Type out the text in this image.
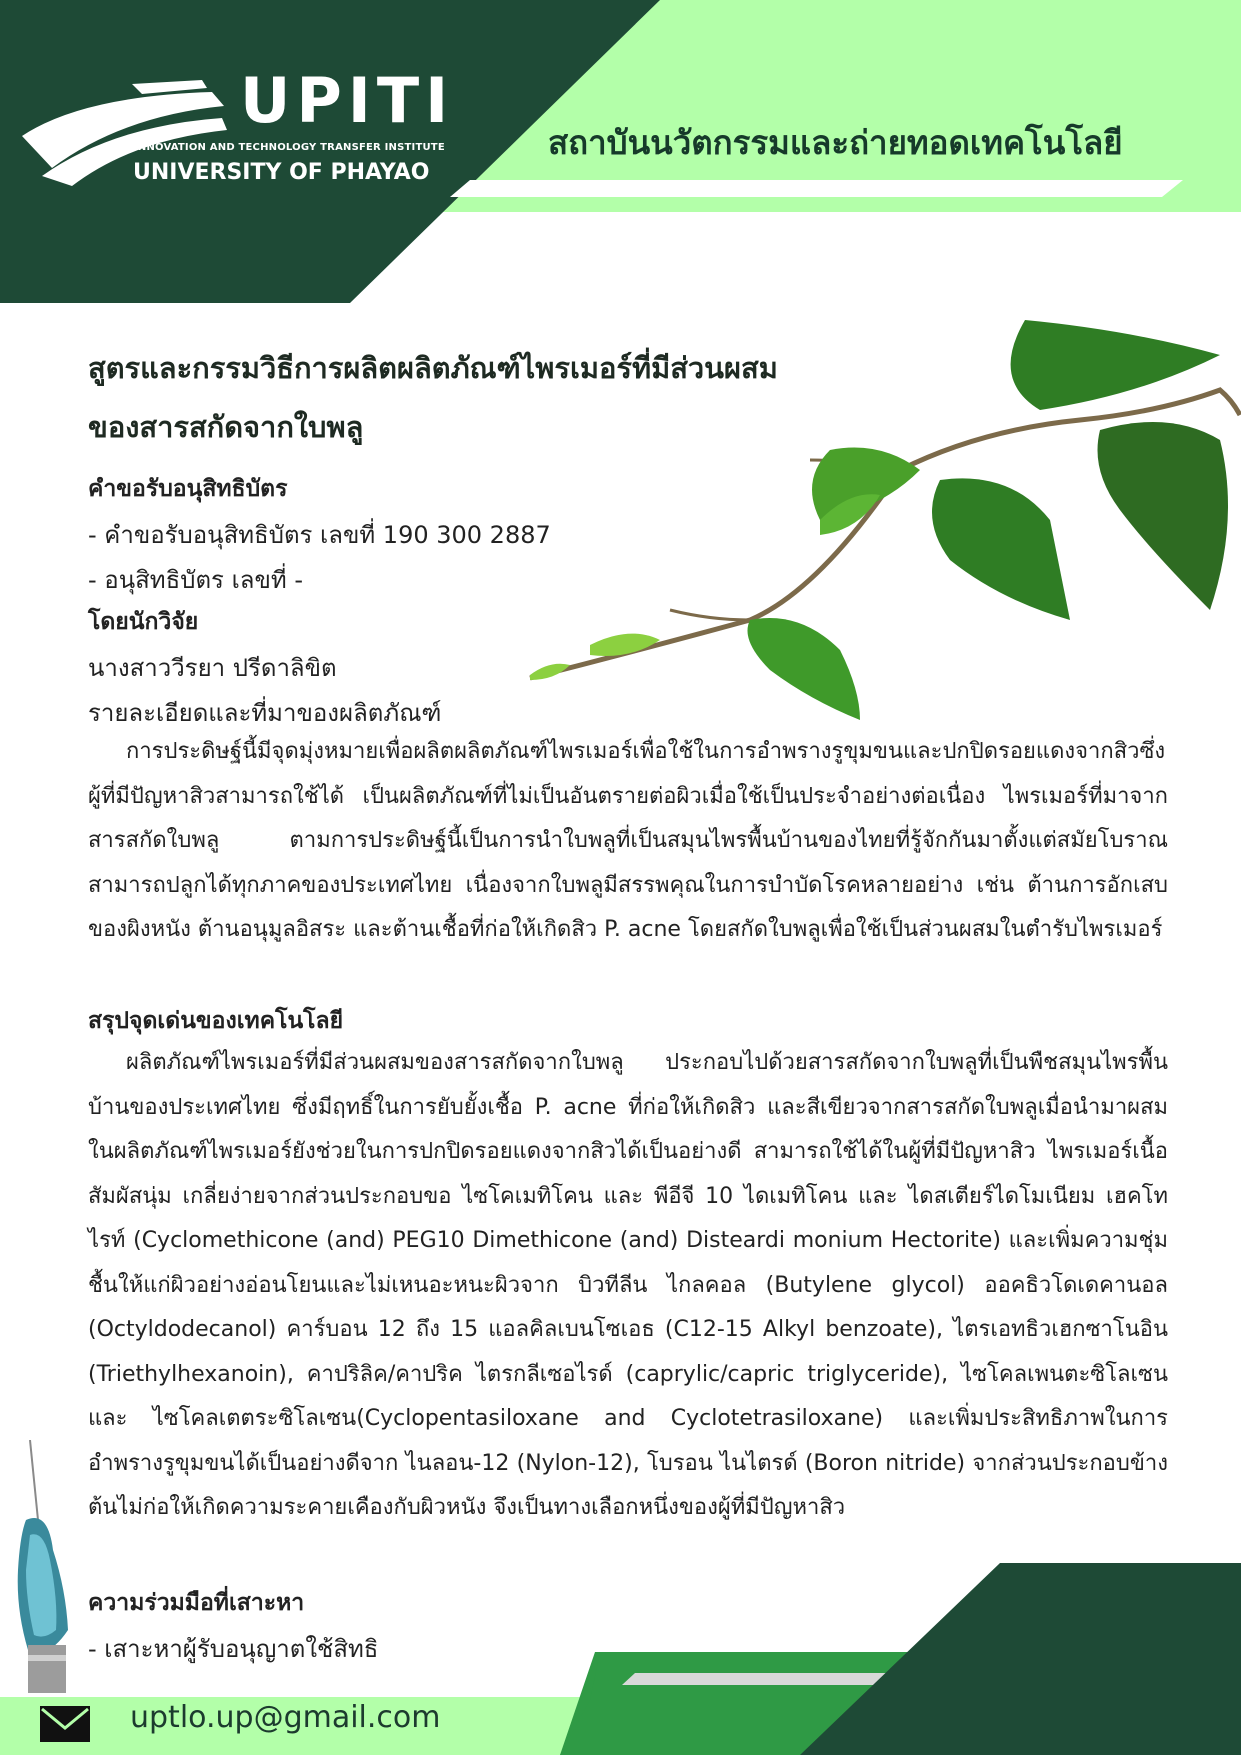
UPITI
INNOVATION AND TECHNOLOGY TRANSFER INSTITUTE
UNIVERSITY OF PHAYAO
สถาบันนวัตกรรมและถ่ายทอดเทคโนโลยี
สูตรและกรรมวิธีการผลิตผลิตภัณฑ์ไพรเมอร์ที่มีส่วนผสม
ของสารสกัดจากใบพลู
คำขอรับอนุสิทธิบัตร
- คำขอรับอนุสิทธิบัตร เลขที่ 190 300 2887
- อนุสิทธิบัตร เลขที่ -
โดยนักวิจัย
นางสาววีรยา ปรีดาลิขิต
รายละเอียดและที่มาของผลิตภัณฑ์
การประดิษฐ์นี้มีจุดมุ่งหมายเพื่อผลิตผลิตภัณฑ์ไพรเมอร์เพื่อใช้ในการอำพรางรูขุมขนและปกปิดรอยแดงจากสิวซึ่งผู้ที่มีปัญหาสิวสามารถใช้ได้ เป็นผลิตภัณฑ์ที่ไม่เป็นอันตรายต่อผิวเมื่อใช้เป็นประจำอย่างต่อเนื่อง ไพรเมอร์ที่มาจากสารสกัดใบพลู ตามการประดิษฐ์นี้เป็นการนำใบพลูที่เป็นสมุนไพรพื้นบ้านของไทยที่รู้จักกันมาตั้งแต่สมัยโบราณ สามารถปลูกได้ทุกภาคของประเทศไทย เนื่องจากใบพลูมีสรรพคุณในการบำบัดโรคหลายอย่าง เช่น ต้านการอักเสบของผิงหนัง ต้านอนุมูลอิสระ และต้านเชื้อที่ก่อให้เกิดสิว P. acne โดยสกัดใบพลูเพื่อใช้เป็นส่วนผสมในตำรับไพรเมอร์
สรุปจุดเด่นของเทคโนโลยี
ผลิตภัณฑ์ไพรเมอร์ที่มีส่วนผสมของสารสกัดจากใบพลู ประกอบไปด้วยสารสกัดจากใบพลูที่เป็นพืชสมุนไพรพื้นบ้านของประเทศไทย ซึ่งมีฤทธิ์ในการยับยั้งเชื้อ P. acne ที่ก่อให้เกิดสิว และสีเขียวจากสารสกัดใบพลูเมื่อนำมาผสมในผลิตภัณฑ์ไพรเมอร์ยังช่วยในการปกปิดรอยแดงจากสิวได้เป็นอย่างดี สามารถใช้ได้ในผู้ที่มีปัญหาสิว ไพรเมอร์เนื้อสัมผัสนุ่ม เกลี่ยง่ายจากส่วนประกอบขอ ไซโคเมทิโคน และ พีอีจี 10 ไดเมทิโคน และ ไดสเตียร์ไดโมเนียม เฮคโทไรท์ (Cyclomethicone (and) PEG10 Dimethicone (and) Disteardi monium Hectorite) และเพิ่มความชุ่มชื้นให้แก่ผิวอย่างอ่อนโยนและไม่เหนอะหนะผิวจาก บิวทีลีน ไกลคอล (Butylene glycol) ออคธิวโดเดคานอล (Octyldodecanol) คาร์บอน 12 ถึง 15 แอลคิลเบนโซเอธ (C12-15 Alkyl benzoate), ไตรเอทธิวเฮกซาโนอิน (Triethylhexanoin), คาปริลิค/คาปริค ไตรกลีเซอไรด์ (caprylic/capric triglyceride), ไซโคลเพนตะซิโลเซน และ ไซโคลเตตระซิโลเซน(Cyclopentasiloxane and Cyclotetrasiloxane) และเพิ่มประสิทธิภาพในการอำพรางรูขุมขนได้เป็นอย่างดีจาก ไนลอน-12 (Nylon-12), โบรอน ไนไตรด์ (Boron nitride) จากส่วนประกอบข้างต้นไม่ก่อให้เกิดความระคายเคืองกับผิวหนัง จึงเป็นทางเลือกหนึ่งของผู้ที่มีปัญหาสิว
ความร่วมมือที่เสาะหา
- เสาะหาผู้รับอนุญาตใช้สิทธิ
uptlo.up@gmail.com
